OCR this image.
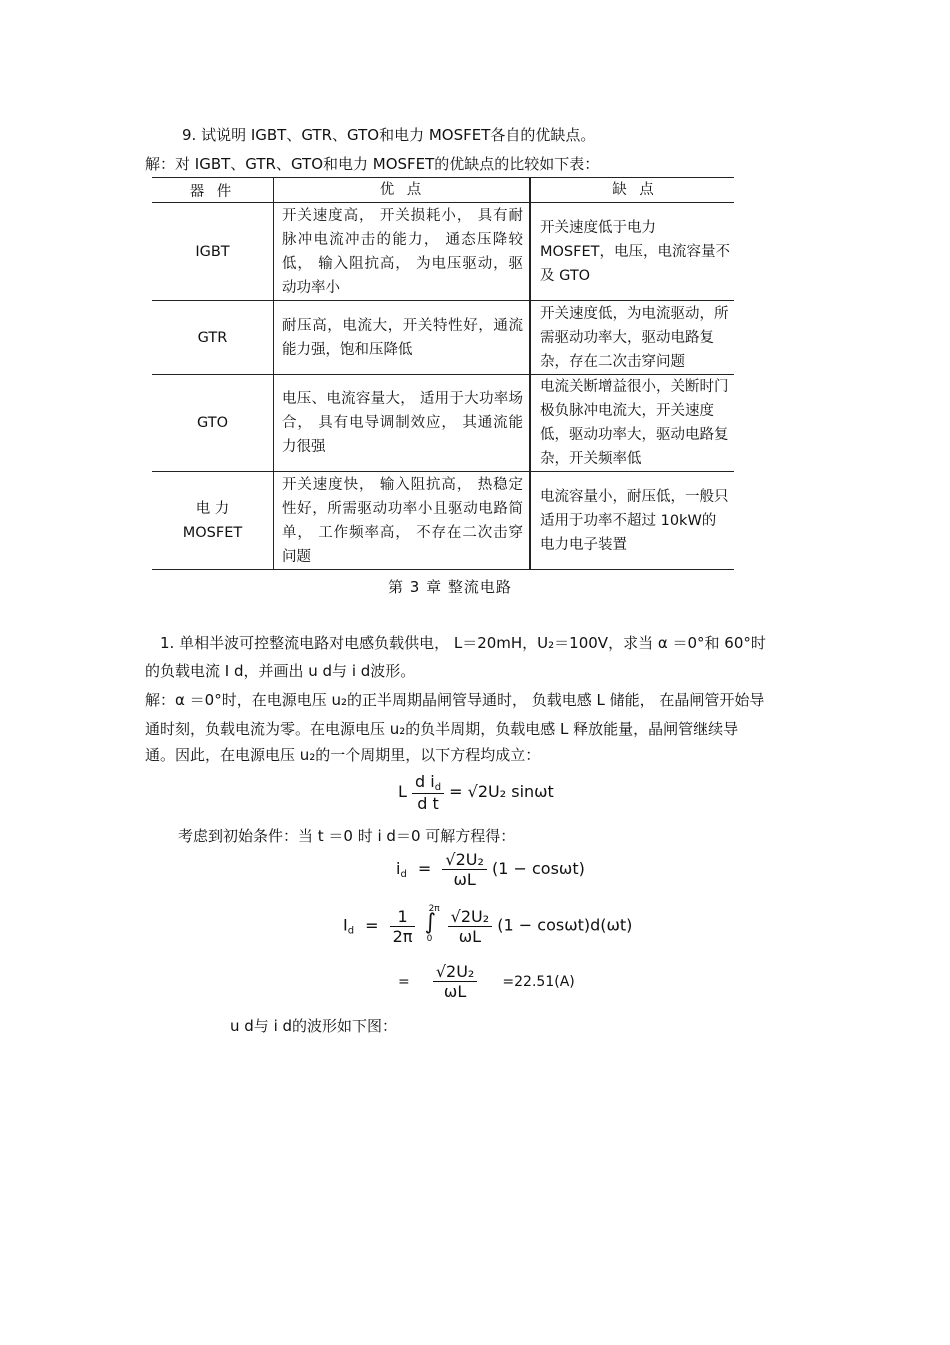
9. 试说明 IGBT、GTR、GTO和电力 MOSFET各自的优缺点。
解：对 IGBT、GTR、GTO和电力 MOSFET的优缺点的比较如下表：
器 件	优 点	缺 点
IGBT	开关速度高， 开关损耗小， 具有耐脉冲电流冲击的能力， 通态压降较低， 输入阻抗高， 为电压驱动，驱动功率小	开关速度低于电力 MOSFET，电压，电流容量不及 GTO
GTR	耐压高，电流大，开关特性好，通流能力强，饱和压降低	开关速度低，为电流驱动，所需驱动功率大，驱动电路复杂，存在二次击穿问题
GTO	电压、电流容量大， 适用于大功率场合， 具有电导调制效应， 其通流能力很强	电流关断增益很小，关断时门极负脉冲电流大，开关速度低，驱动功率大，驱动电路复杂，开关频率低

电 力
MOSFET	开关速度快， 输入阻抗高， 热稳定性好，所需驱动功率小且驱动电路简单， 工作频率高， 不存在二次击穿问题	电流容量小，耐压低，一般只适用于功率不超过 10kW的电力电子装置
第 3 章 整流电路
1. 单相半波可控整流电路对电感负载供电， L＝20mH，U₂＝100V，求当 α ＝0°和 60°时
的负载电流 I d，并画出 u d与 i d波形。
解：α ＝0°时，在电源电压 u₂的正半周期晶闸管导通时， 负载电感 L 储能， 在晶闸管开始导
通时刻，负载电流为零。在电源电压 u₂的负半周期，负载电感 L 释放能量，晶闸管继续导
通。因此，在电源电压 u₂的一个周期里，以下方程均成立：
L $\frac{d i_d}{\text{d t}} = √2U_2$ sinωt
考虑到初始条件：当 t ＝0 时 i d＝0 可解方程得：
$i_d = \frac{\text{√2U₂}}{\omega L} (1 - \cos\omega t)$
$I_d = \frac{1}{2\pi}$
∫
2π
0
$\frac{\text{√2U₂}}{\omega L} (1 - \cos\omega t)d(\omega t)$
= $\frac{\text{√2U₂}}{\omega L} =22.51(A)$
u d与 i d的波形如下图：
